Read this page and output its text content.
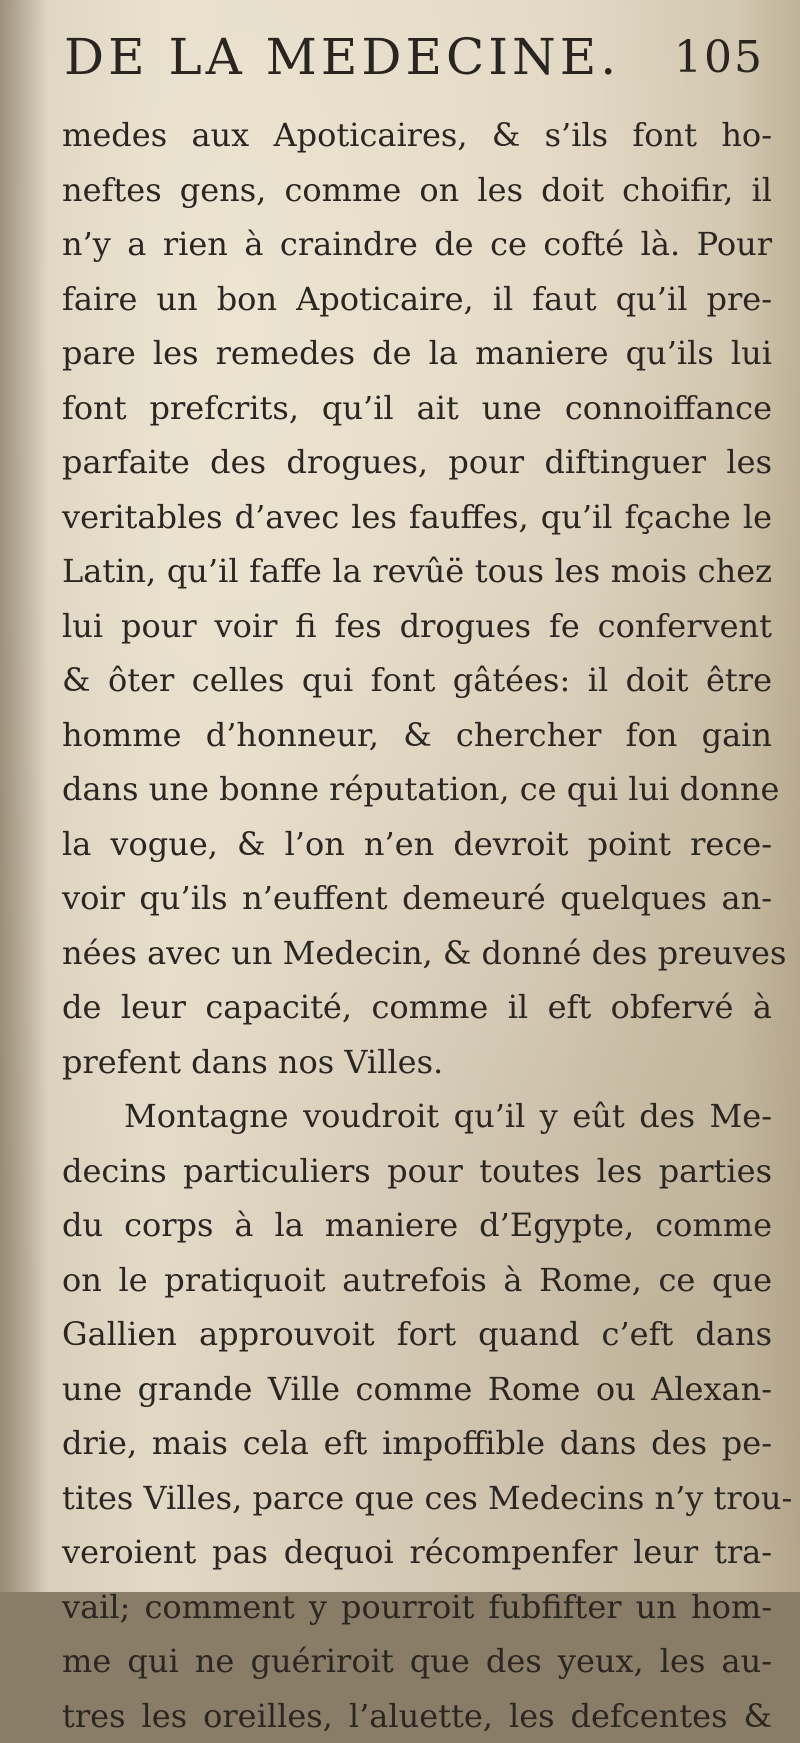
DE LA MEDECINE. 105
medes aux Apoticaires, & s’ils font ho-
neftes gens, comme on les doit choifir, il
n’y a rien à craindre de ce cofté là. Pour
faire un bon Apoticaire, il faut qu’il pre-
pare les remedes de la maniere qu’ils lui
font prefcrits, qu’il ait une connoiffance
parfaite des drogues, pour diftinguer les
veritables d’avec les fauffes, qu’il fçache le
Latin, qu’il faffe la revûë tous les mois chez
lui pour voir fi fes drogues fe confervent
& ôter celles qui font gâtées: il doit être
homme d’honneur, & chercher fon gain
dans une bonne réputation, ce qui lui donne
la vogue, & l’on n’en devroit point rece-
voir qu’ils n’euffent demeuré quelques an-
nées avec un Medecin, & donné des preuves
de leur capacité, comme il eft obfervé à
prefent dans nos Villes.
Montagne voudroit qu’il y eût des Me-
decins particuliers pour toutes les parties
du corps à la maniere d’Egypte, comme
on le pratiquoit autrefois à Rome, ce que
Gallien approuvoit fort quand c’eft dans
une grande Ville comme Rome ou Alexan-
drie, mais cela eft impoffible dans des pe-
tites Villes, parce que ces Medecins n’y trou-
veroient pas dequoi récompenfer leur tra-
vail; comment y pourroit fubfifter un hom-
me qui ne guériroit que des yeux, les au-
tres les oreilles, l’aluette, les defcentes &
